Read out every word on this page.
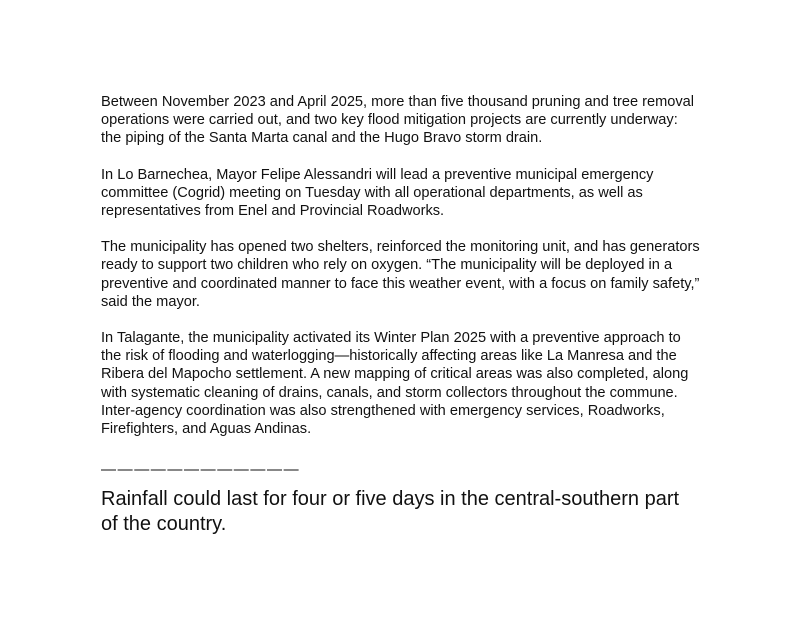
Between November 2023 and April 2025, more than five thousand pruning and tree removal operations were carried out, and two key flood mitigation projects are currently underway: the piping of the Santa Marta canal and the Hugo Bravo storm drain.

In Lo Barnechea, Mayor Felipe Alessandri will lead a preventive municipal emergency committee (Cogrid) meeting on Tuesday with all operational departments, as well as representatives from Enel and Provincial Roadworks.

The municipality has opened two shelters, reinforced the monitoring unit, and has generators ready to support two children who rely on oxygen. “The municipality will be deployed in a preventive and coordinated manner to face this weather event, with a focus on family safety,” said the mayor.

In Talagante, the municipality activated its Winter Plan 2025 with a preventive approach to the risk of flooding and waterlogging—historically affecting areas like La Manresa and the Ribera del Mapocho settlement. A new mapping of critical areas was also completed, along with systematic cleaning of drains, canals, and storm collectors throughout the commune. Inter-agency coordination was also strengthened with emergency services, Roadworks, Firefighters, and Aguas Andinas.

————————————
Rainfall could last for four or five days in the central-southern part of the country.
